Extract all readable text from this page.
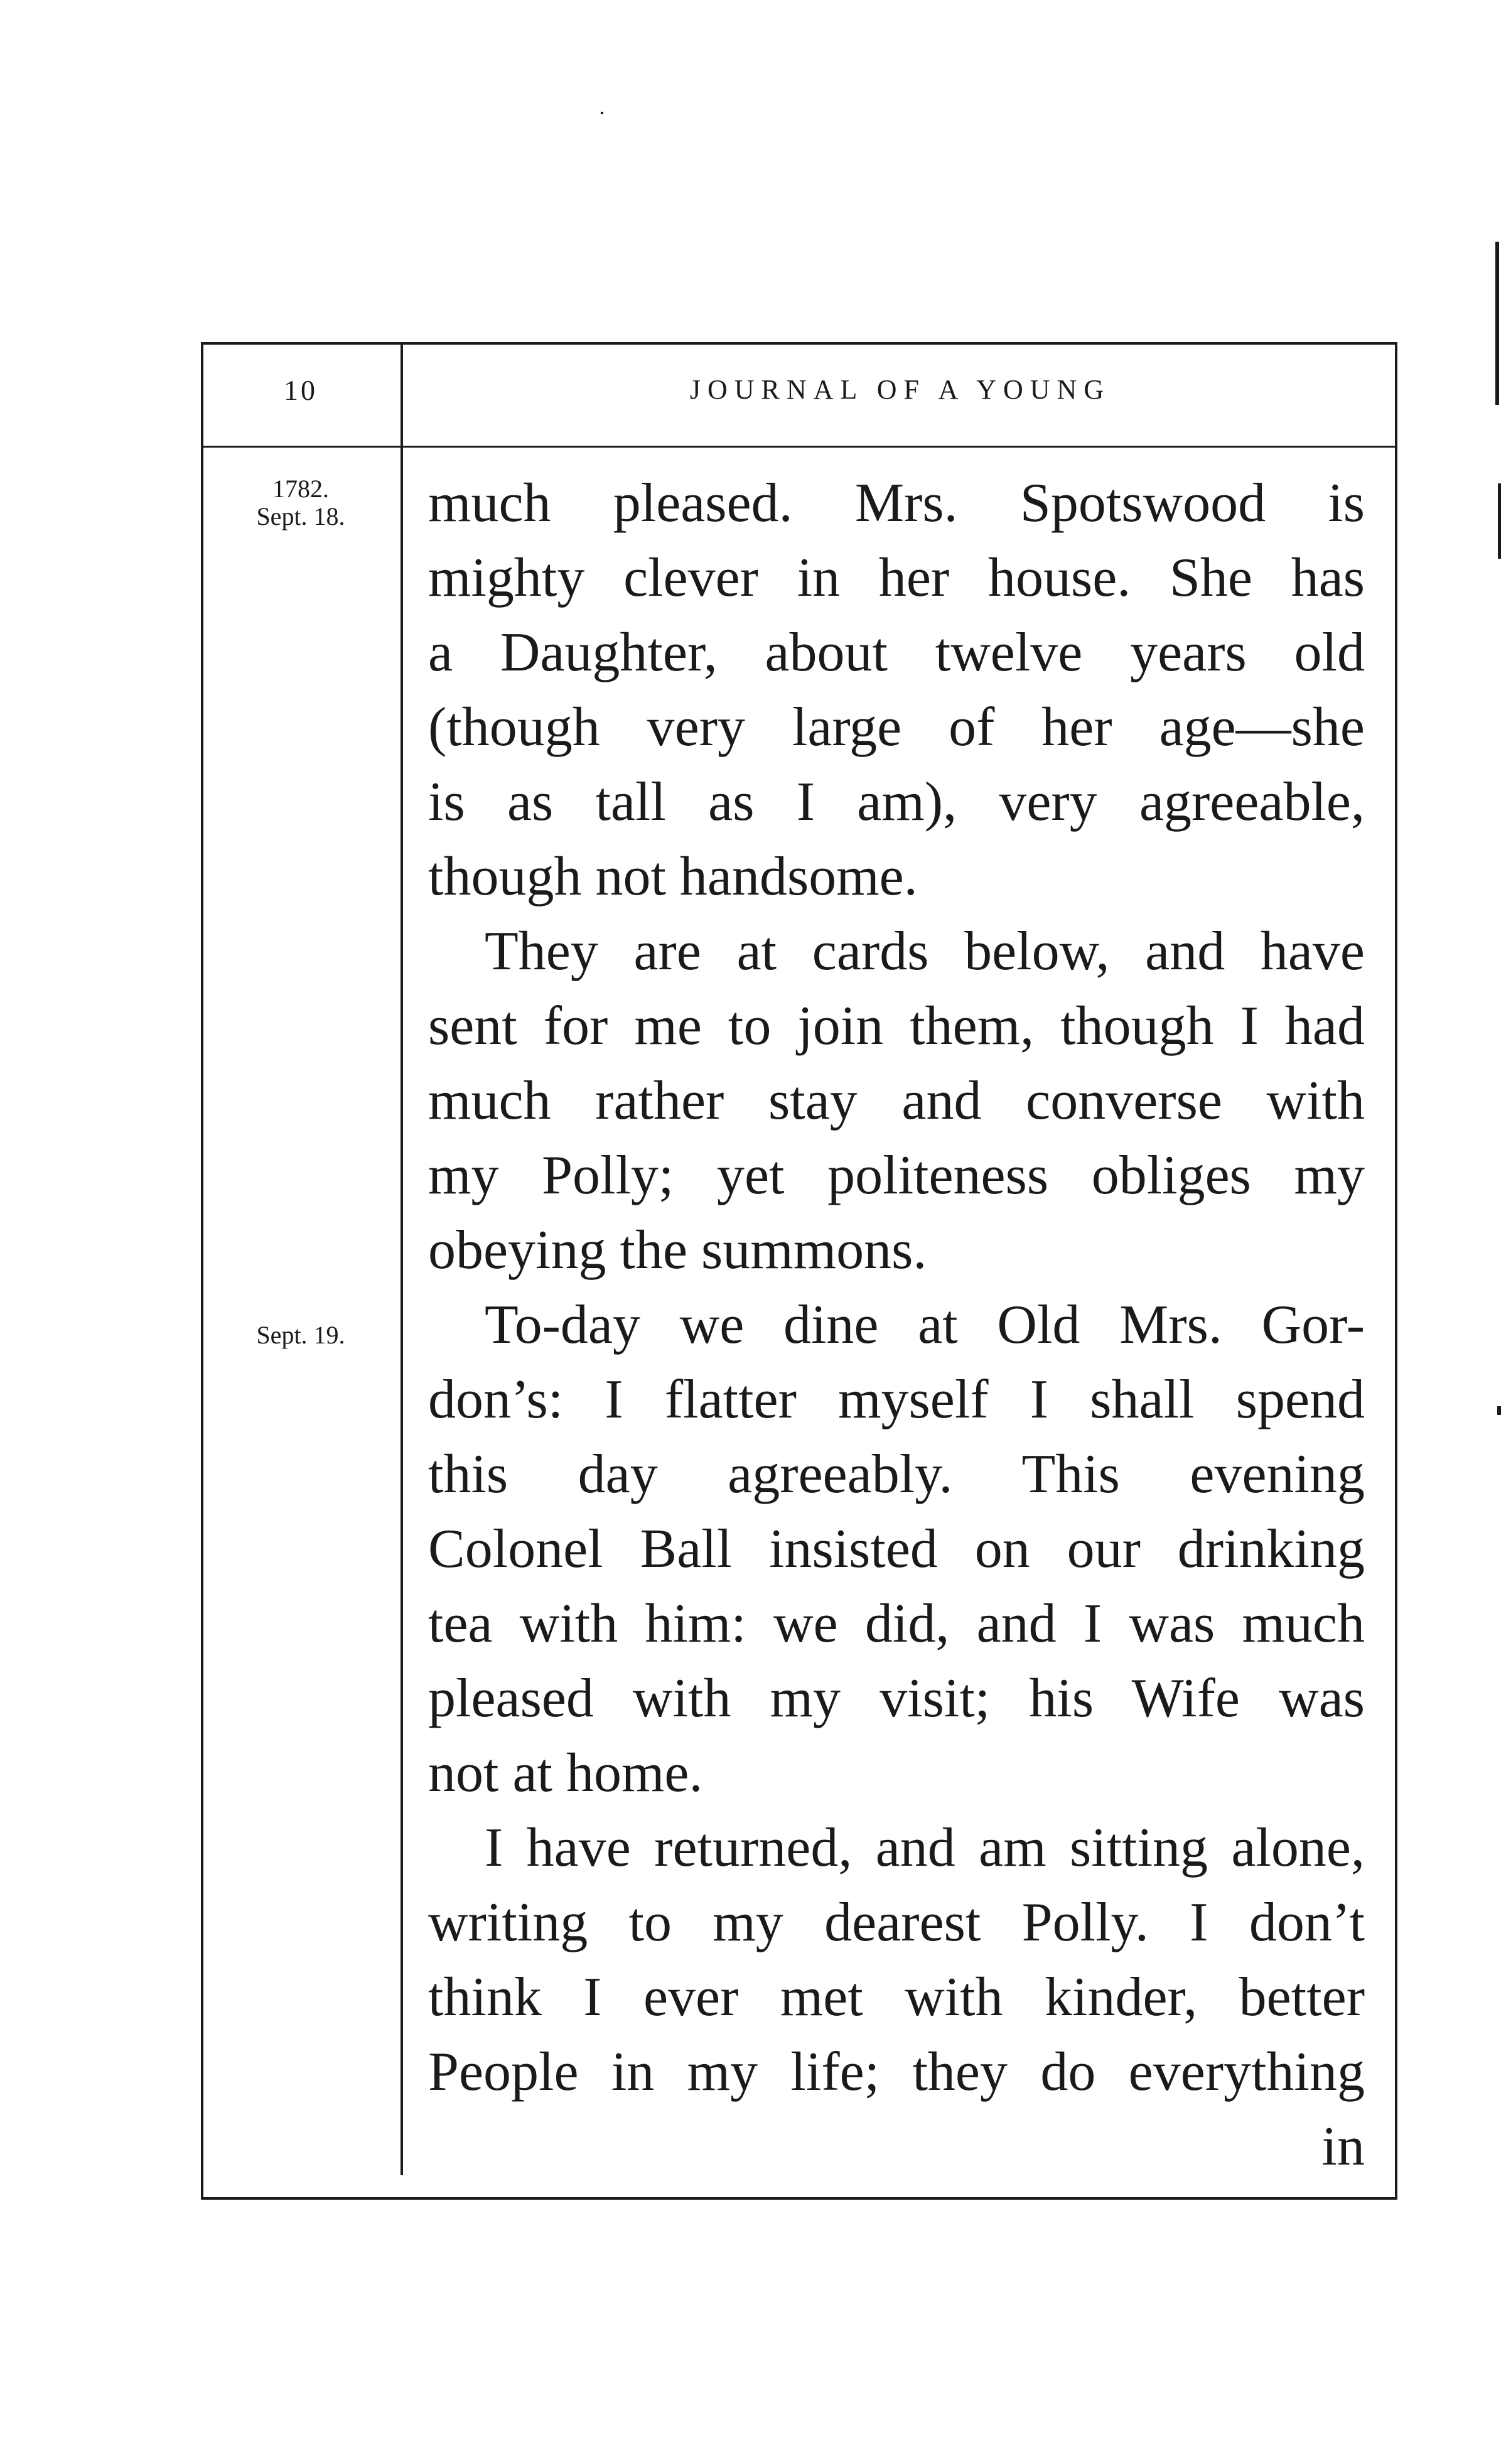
10	JOURNAL OF A YOUNG
1782.
Sept. 18.
Sept. 19.
much pleased. Mrs. Spotswood is
mighty clever in her house. She has
a Daughter, about twelve years old
(though very large of her age—she
is as tall as I am), very agreeable,
though not handsome.
They are at cards below, and have
sent for me to join them, though I had
much rather stay and converse with
my Polly; yet politeness obliges my
obeying the summons.
To-day we dine at Old Mrs. Gor-
don’s: I flatter myself I shall spend
this day agreeably. This evening
Colonel Ball insisted on our drinking
tea with him: we did, and I was much
pleased with my visit; his Wife was
not at home.
I have returned, and am sitting alone,
writing to my dearest Polly. I don’t
think I ever met with kinder, better
People in my life; they do everything
in
